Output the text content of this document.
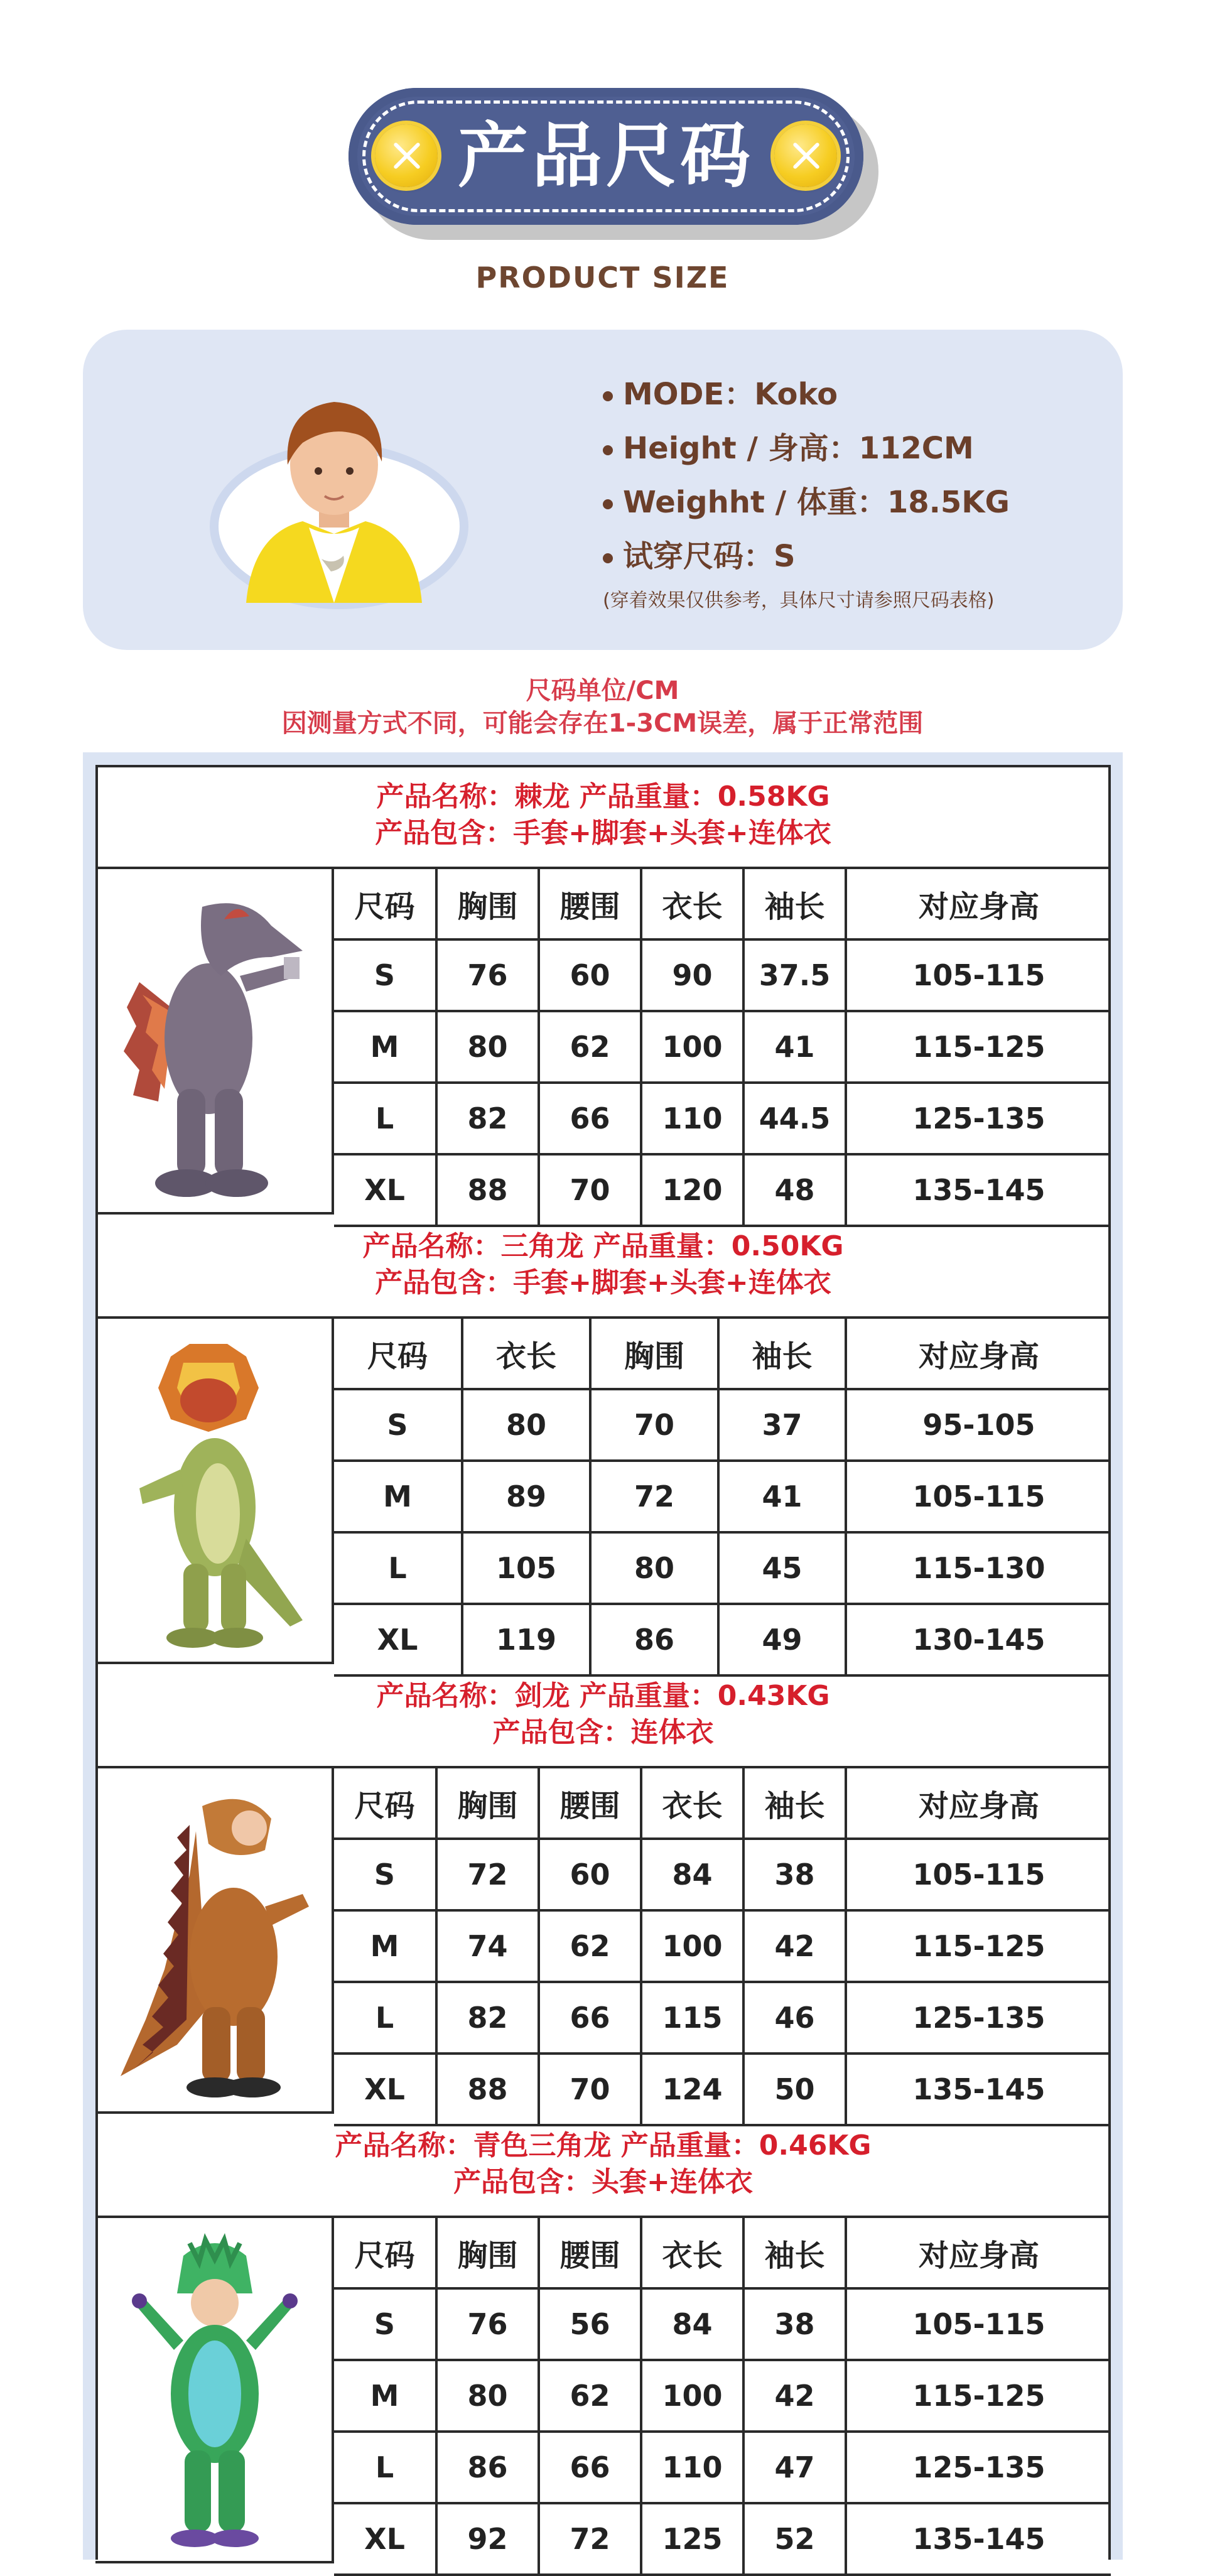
产品尺码
PRODUCT SIZE
MODE：Koko
Height / 身高：112CM
Weighht / 体重：18.5KG
试穿尺码：S
(穿着效果仅供参考，具体尺寸请参照尺码表格)
尺码单位/CM
因测量方式不同，可能会存在1-3CM误差，属于正常范围
产品名称：棘龙 产品重量：0.58KG
产品包含：手套+脚套+头套+连体衣
尺码	胸围	腰围	衣长	袖长	对应身高
S	76	60	90	37.5	105-115
M	80	62	100	41	115-125
L	82	66	110	44.5	125-135
XL	88	70	120	48	135-145
产品名称：三角龙 产品重量：0.50KG
产品包含：手套+脚套+头套+连体衣
尺码	衣长	胸围	袖长	对应身高
S	80	70	37	95-105
M	89	72	41	105-115
L	105	80	45	115-130
XL	119	86	49	130-145
产品名称：剑龙 产品重量：0.43KG
产品包含：连体衣
尺码	胸围	腰围	衣长	袖长	对应身高
S	72	60	84	38	105-115
M	74	62	100	42	115-125
L	82	66	115	46	125-135
XL	88	70	124	50	135-145
产品名称：青色三角龙 产品重量：0.46KG
产品包含：头套+连体衣
尺码	胸围	腰围	衣长	袖长	对应身高
S	76	56	84	38	105-115
M	80	62	100	42	115-125
L	86	66	110	47	125-135
XL	92	72	125	52	135-145
